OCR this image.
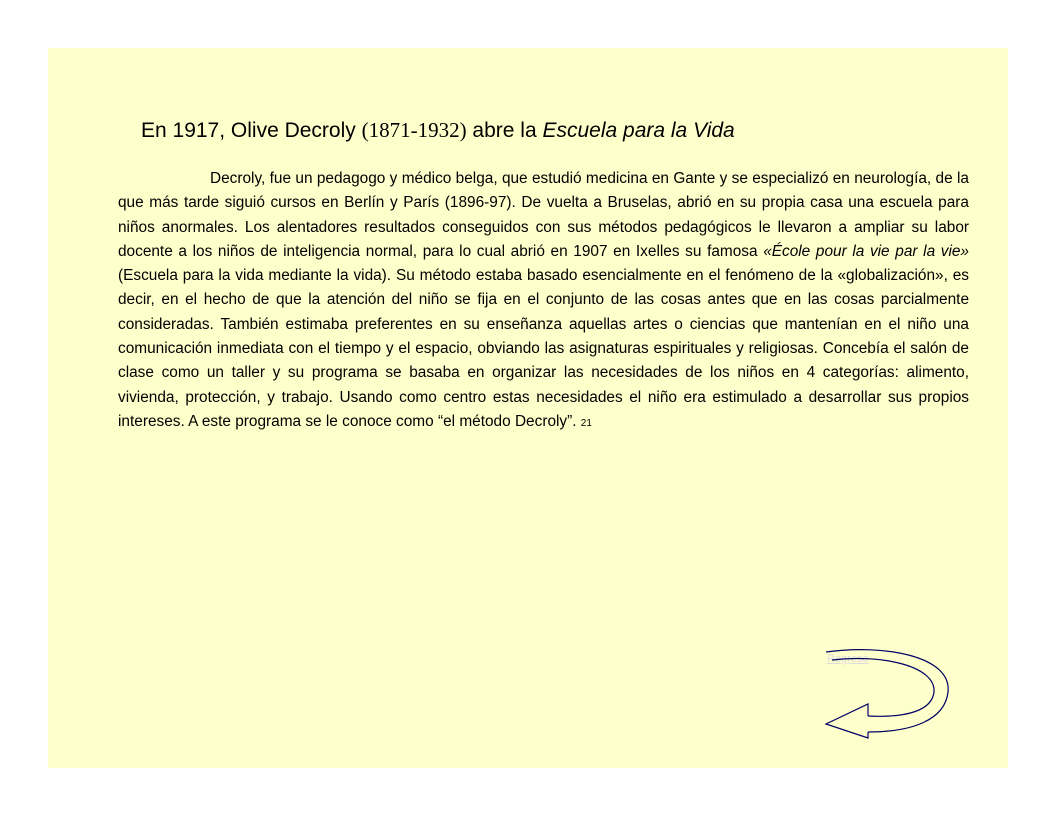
En 1917, Olive Decroly (1871-1932) abre la Escuela para la Vida

Decroly, fue un pedagogo y médico belga, que estudió medicina en Gante y se especializó en neurología, de la que más tarde siguió cursos en Berlín y París (1896-97). De vuelta a Bruselas, abrió en su propia casa una escuela para niños anormales. Los alentadores resultados conseguidos con sus métodos pedagógicos le llevaron a ampliar su labor docente a los niños de inteligencia normal, para lo cual abrió en 1907 en Ixelles su famosa «École pour la vie par la vie» (Escuela para la vida mediante la vida). Su método estaba basado esencialmente en el fenómeno de la «globalización», es decir, en el hecho de que la atención del niño se fija en el conjunto de las cosas antes que en las cosas parcialmente consideradas. También estimaba preferentes en su enseñanza aquellas artes o ciencias que mantenían en el niño una comunicación inmediata con el tiempo y el espacio, obviando las asignaturas espirituales y religiosas. Concebía el salón de clase como un taller y su programa se basaba en organizar las necesidades de los niños en 4 categorías: alimento, vivienda, protección, y trabajo. Usando como centro estas necesidades el niño era estimulado a desarrollar sus propios intereses. A este programa se le conoce como “el método Decroly”. 21

Regreso
